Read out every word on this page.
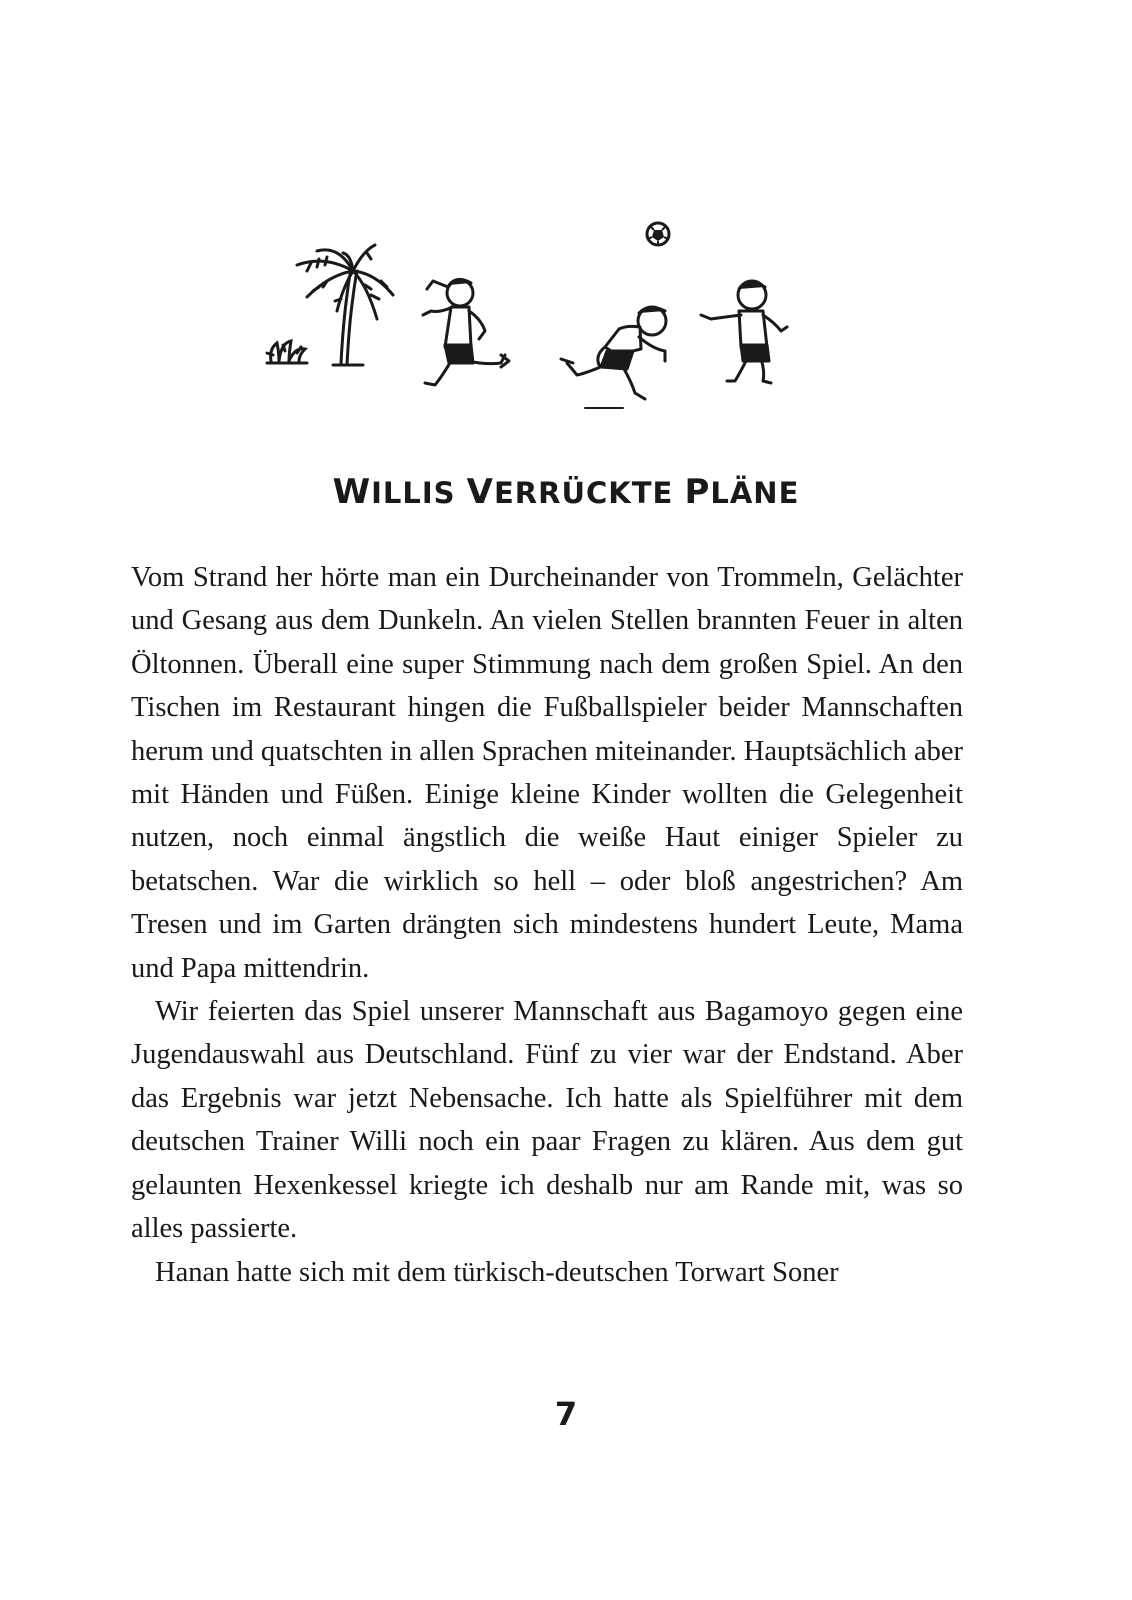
WILLIS VERRÜCKTE PLÄNE

Vom Strand her hörte man ein Durcheinander von Trommeln, Gelächter und Gesang aus dem Dunkeln. An vielen Stellen brannten Feuer in alten Öltonnen. Überall eine super Stimmung nach dem großen Spiel. An den Tischen im Restaurant hingen die Fußballspieler beider Mannschaften herum und quatschten in allen Sprachen miteinander. Hauptsächlich aber mit Händen und Füßen. Einige kleine Kinder wollten die Gelegenheit nutzen, noch einmal ängstlich die weiße Haut einiger Spieler zu betatschen. War die wirklich so hell – oder bloß angestrichen? Am Tresen und im Garten drängten sich mindestens hundert Leute, Mama und Papa mittendrin.

Wir feierten das Spiel unserer Mannschaft aus Bagamoyo gegen eine Jugendauswahl aus Deutschland. Fünf zu vier war der Endstand. Aber das Ergebnis war jetzt Nebensache. Ich hatte als Spielführer mit dem deutschen Trainer Willi noch ein paar Fragen zu klären. Aus dem gut gelaunten Hexenkessel kriegte ich deshalb nur am Rande mit, was so alles passierte.

Hanan hatte sich mit dem türkisch-deutschen Torwart Soner

7
